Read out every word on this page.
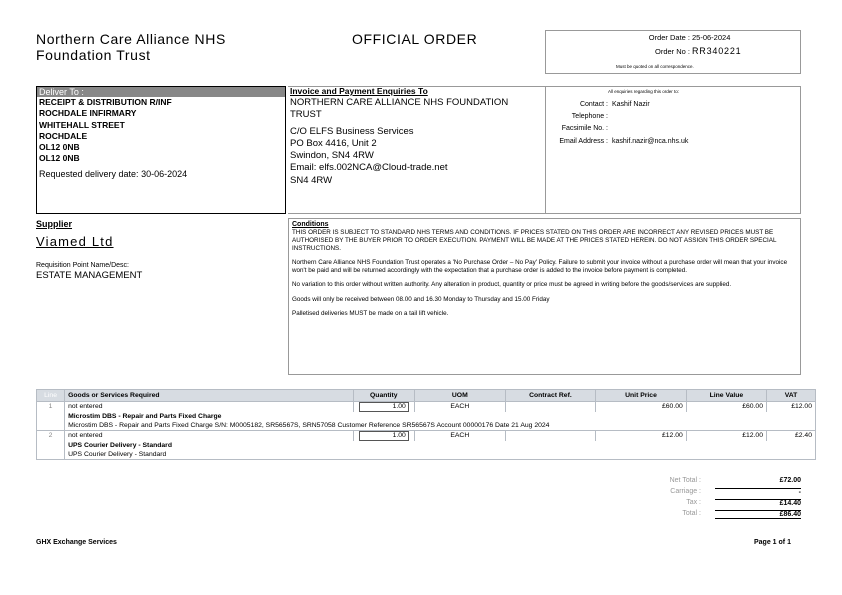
Northern Care Alliance NHS
Foundation Trust
OFFICIAL ORDER	Order Date : 25-06-2024
Order No : RR340221
Must be quoted on all correspondence.
Deliver To :
RECEIPT & DISTRIBUTION R/INF
ROCHDALE INFIRMARY
WHITEHALL STREET
ROCHDALE
OL12 0NB
OL12 0NB
Requested delivery date: 30-06-2024
Invoice and Payment Enquiries To
NORTHERN CARE ALLIANCE NHS FOUNDATION
TRUST
C/O ELFS Business Services
PO Box 4416, Unit 2
Swindon, SN4 4RW
Email: elfs.002NCA@Cloud-trade.net
SN4 4RW
All enquiries regarding this order to:
Contact : Kashif Nazir
Telephone :
Facsimile No. :
Email Address : kashif.nazir@nca.nhs.uk
Supplier
Viamed Ltd
Requisition Point Name/Desc:
ESTATE MANAGEMENT
Conditions

THIS ORDER IS SUBJECT TO STANDARD NHS TERMS AND CONDITIONS. IF PRICES STATED ON THIS ORDER ARE INCORRECT ANY REVISED PRICES MUST BE AUTHORISED BY THE BUYER PRIOR TO ORDER EXECUTION. PAYMENT WILL BE MADE AT THE PRICES STATED HEREIN. DO NOT ASSIGN THIS ORDER SPECIAL INSTRUCTIONS.

Northern Care Alliance NHS Foundation Trust operates a 'No Purchase Order – No Pay' Policy. Failure to submit your invoice without a purchase order will mean that your invoice won't be paid and will be returned accordingly with the expectation that a purchase order is added to the invoice before payment is completed.

No variation to this order without written authority. Any alteration in product, quantity or price must be agreed in writing before the goods/services are supplied.

Goods will only be received between 08.00 and 16.30 Monday to Thursday and 15.00 Friday

Palletised deliveries MUST be made on a tail lift vehicle.

Line	Goods or Services Required	Quantity	UOM	Contract Ref.	Unit Price	Line Value	VAT
1	not entered	1.00	EACH		£60.00	£60.00	£12.00
	Microstim DBS - Repair and Parts Fixed Charge						
	Microstim DBS - Repair and Parts Fixed Charge S/N: M0005182, SR56567S, SRN57058 Customer Reference SR56567S Account 00000176 Date 21 Aug 2024						
2	not entered	1.00	EACH		£12.00	£12.00	£2.40
	UPS Courier Delivery - Standard						
	UPS Courier Delivery - Standard						
Net Total :	£72.00
Carriage :	-
Tax :	£14.40
Total :	£86.40
GHX Exchange Services	Page 1 of 1
